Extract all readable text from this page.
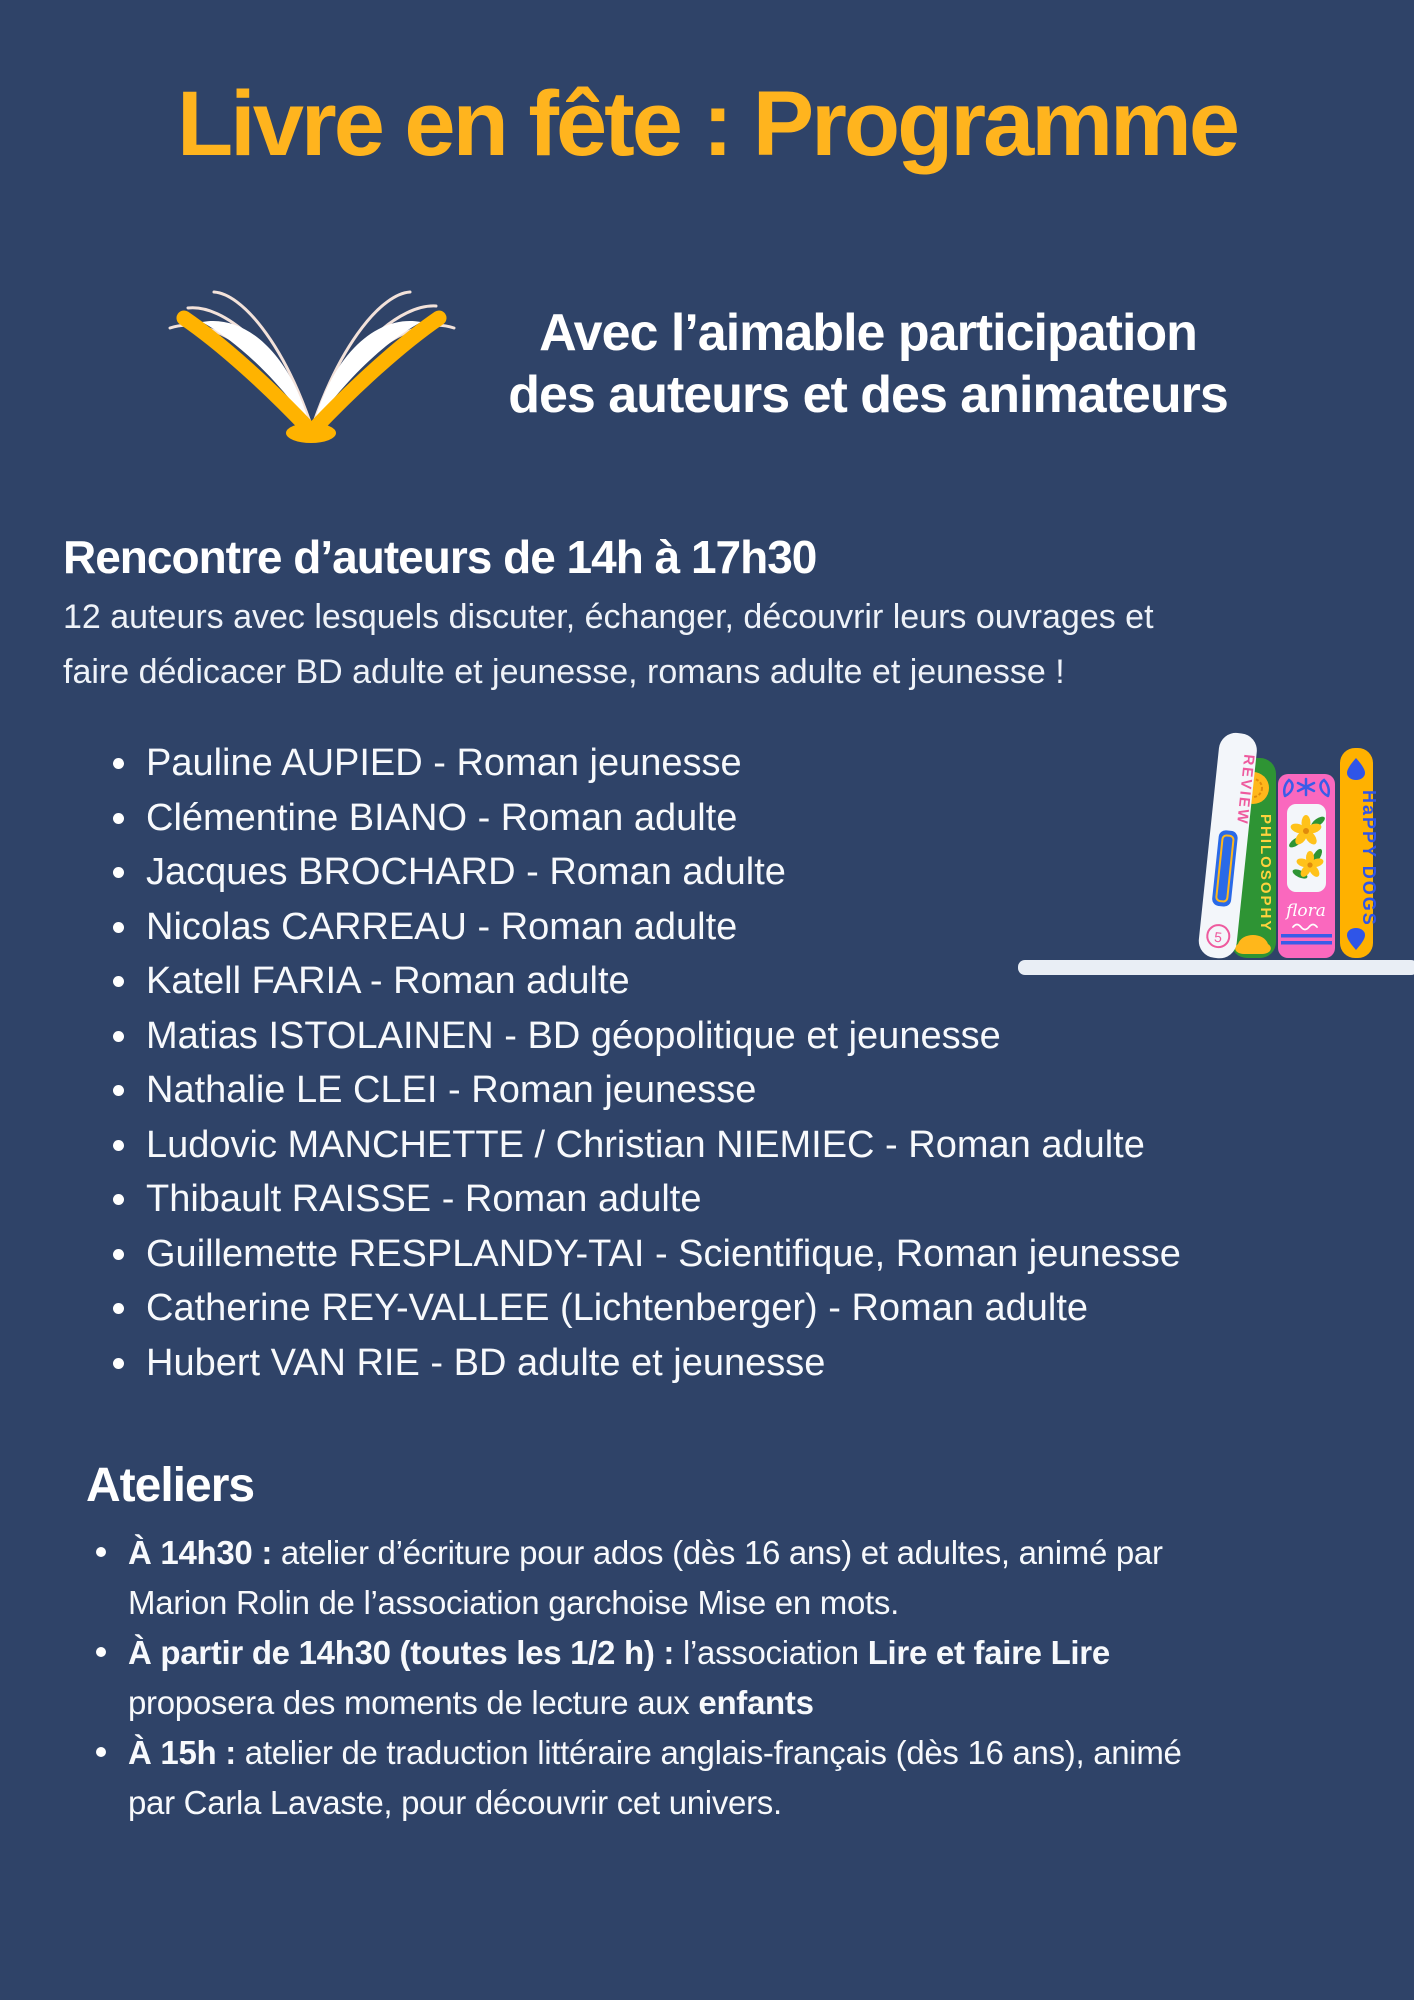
Livre en fête : Programme
Avec l’aimable participation
des auteurs et des animateurs
Rencontre d’auteurs de 14h à 17h30
12 auteurs avec lesquels discuter, échanger, découvrir leurs ouvrages et
faire dédicacer BD adulte et jeunesse, romans adulte et jeunesse !
Pauline AUPIED - Roman jeunesse
Clémentine BIANO - Roman adulte
Jacques BROCHARD - Roman adulte
Nicolas CARREAU - Roman adulte
Katell FARIA - Roman adulte
Matias ISTOLAINEN - BD géopolitique et jeunesse
Nathalie LE CLEI - Roman jeunesse
Ludovic MANCHETTE / Christian NIEMIEC - Roman adulte
Thibault RAISSE - Roman adulte
Guillemette RESPLANDY-TAI - Scientifique, Roman jeunesse
Catherine REY-VALLEE (Lichtenberger) - Roman adulte
Hubert VAN RIE - BD adulte et jeunesse
PHILOSOPHY
REVIEW
5
flora HaPPY DOGS
Ateliers
À 14h30 : atelier d’écriture pour ados (dès 16 ans) et adultes, animé par
Marion Rolin de l’association garchoise Mise en mots.
À partir de 14h30 (toutes les 1/2 h) : l’association Lire et faire Lire
proposera des moments de lecture aux enfants
À 15h : atelier de traduction littéraire anglais-français (dès 16 ans), animé
par Carla Lavaste, pour découvrir cet univers.
